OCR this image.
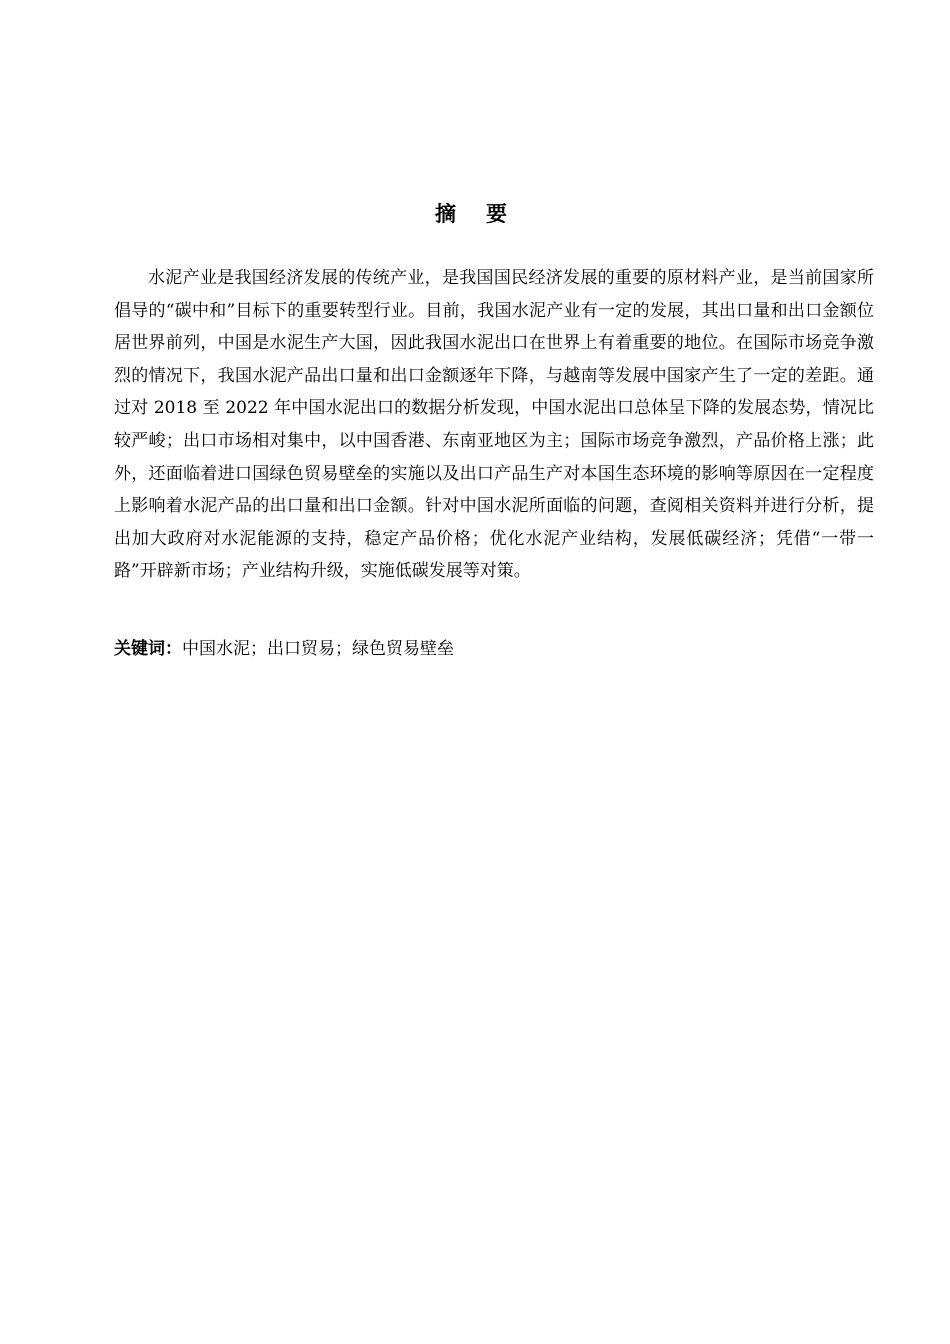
摘要

水泥产业是我国经济发展的传统产业，是我国国民经济发展的重要的原材料产业，是当前国家所倡导的“碳中和”目标下的重要转型行业。目前，我国水泥产业有一定的发展，其出口量和出口金额位居世界前列，中国是水泥生产大国，因此我国水泥出口在世界上有着重要的地位。在国际市场竞争激烈的情况下，我国水泥产品出口量和出口金额逐年下降，与越南等发展中国家产生了一定的差距。通过对 2018 至 2022 年中国水泥出口的数据分析发现，中国水泥出口总体呈下降的发展态势，情况比较严峻；出口市场相对集中，以中国香港、东南亚地区为主；国际市场竞争激烈，产品价格上涨；此外，还面临着进口国绿色贸易壁垒的实施以及出口产品生产对本国生态环境的影响等原因在一定程度上影响着水泥产品的出口量和出口金额。针对中国水泥所面临的问题，查阅相关资料并进行分析，提出加大政府对水泥能源的支持，稳定产品价格；优化水泥产业结构，发展低碳经济；凭借“一带一路”开辟新市场；产业结构升级，实施低碳发展等对策。

关键词：中国水泥；出口贸易；绿色贸易壁垒
